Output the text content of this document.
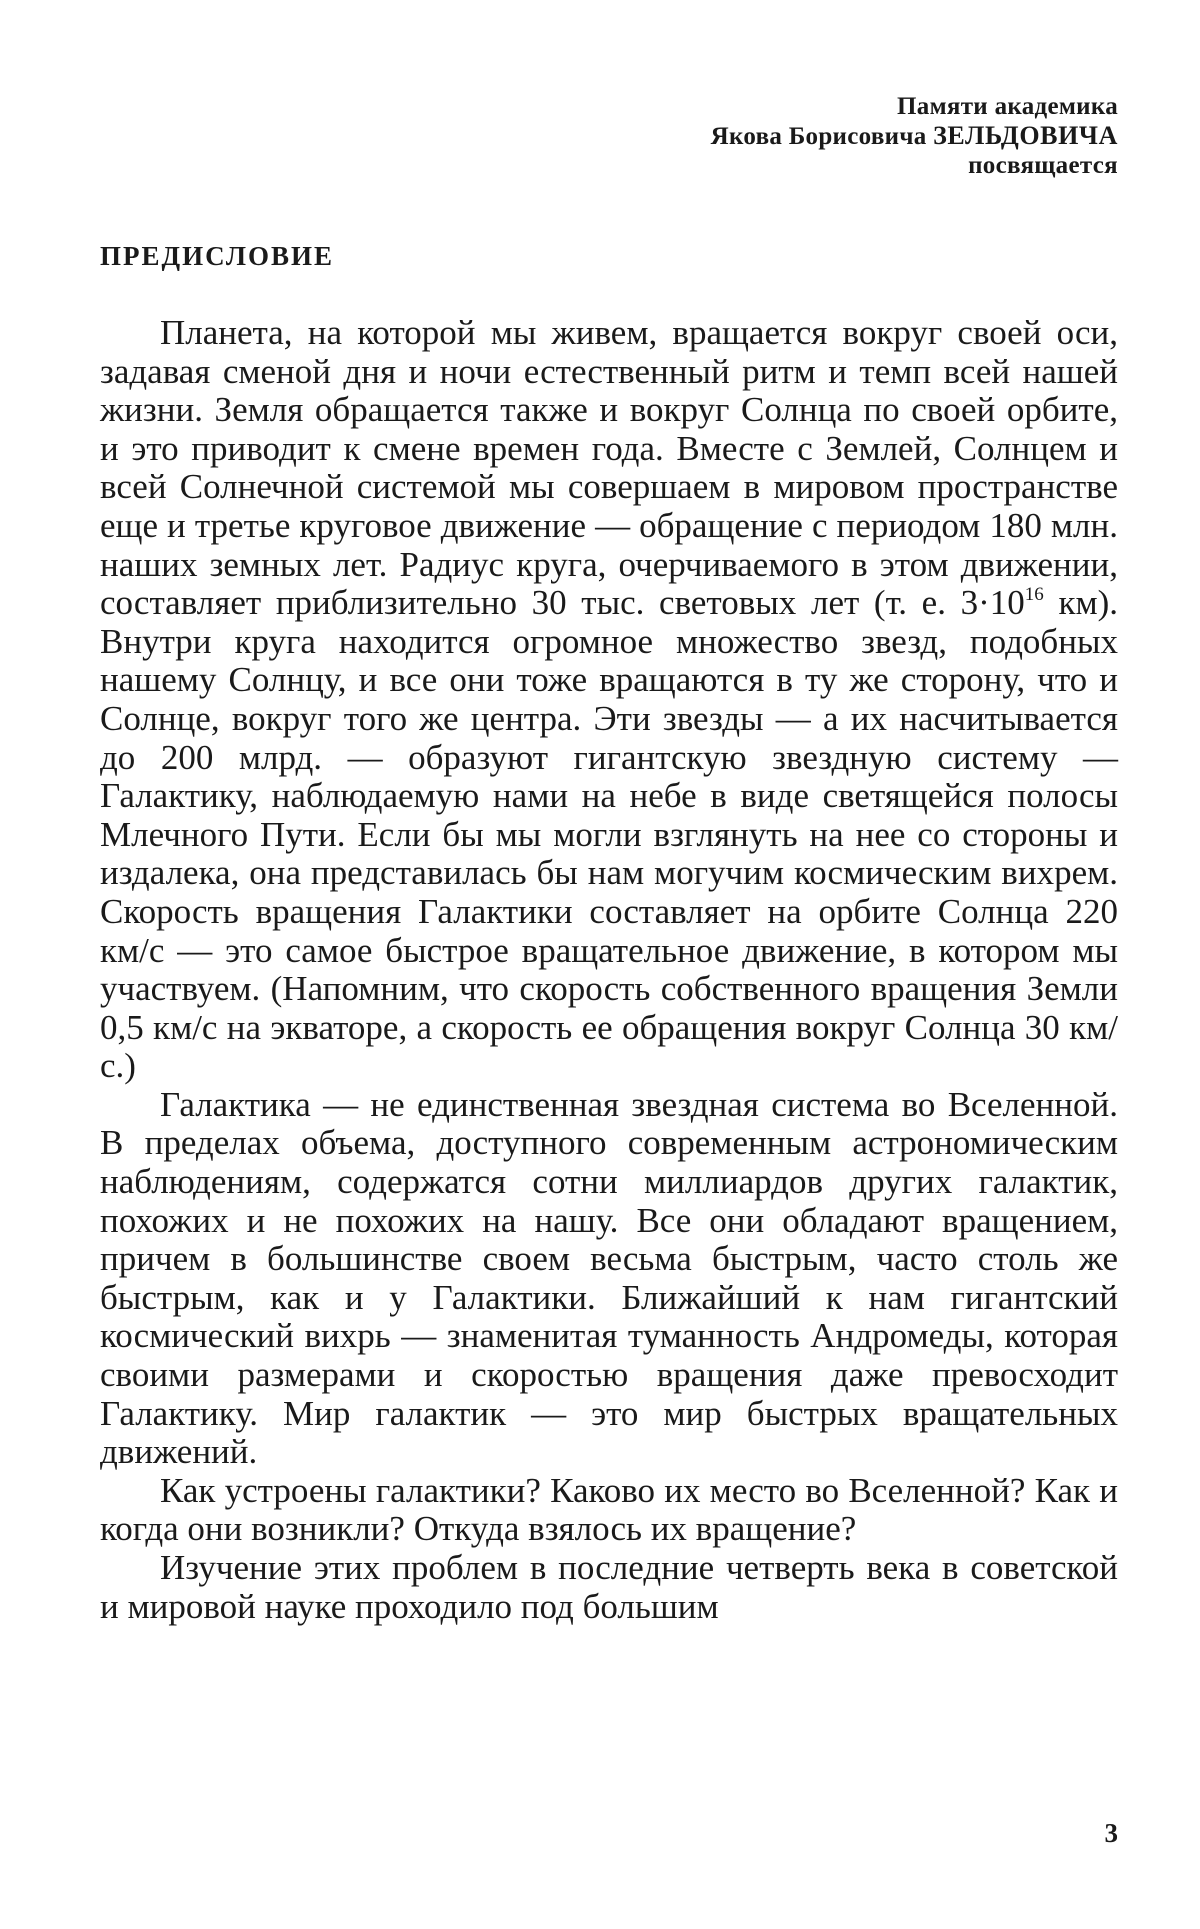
Памяти академика
Якова Борисовича ЗЕЛЬДОВИЧА
посвящается
ПРЕДИСЛОВИЕ

Планета, на которой мы живем, вращается вокруг своей оси, задавая сменой дня и ночи естественный ритм и темп всей нашей жизни. Земля обращается также и вокруг Солнца по своей орбите, и это приводит к смене времен года. Вместе с Землей, Солнцем и всей Солнечной системой мы совершаем в мировом пространстве еще и третье круговое движение — обращение с периодом 180 млн. наших земных лет. Радиус круга, очерчиваемого в этом движении, составляет приблизительно 30 тыс. световых лет (т. е. $3\cdot 10^{16}$ км). Внутри круга находится огромное множество звезд, подобных нашему Солнцу, и все они тоже вращаются в ту же сторону, что и Солнце, вокруг того же центра. Эти звезды — а их насчитывается до 200 млрд. — образуют гигантскую звездную систему — Галактику, наблюдаемую нами на небе в виде светящейся полосы Млечного Пути. Если бы мы могли взглянуть на нее со стороны и издалека, она представилась бы нам могучим космическим вихрем. Скорость вращения Галактики составляет на орбите Солнца 220 км/с — это самое быстрое вращательное движение, в котором мы участвуем. (Напомним, что скорость собственного вращения Земли 0,5 км/с на экваторе, а скорость ее обращения вокруг Солнца 30 км/с.)

Галактика — не единственная звездная система во Вселенной. В пределах объема, доступного современным астрономическим наблюдениям, содержатся сотни миллиардов других галактик, похожих и не похожих на нашу. Все они обладают вращением, причем в большинстве своем весьма быстрым, часто столь же быстрым, как и у Галактики. Ближайший к нам гигантский космический вихрь — знаменитая туманность Андромеды, которая своими размерами и скоростью вращения даже превосходит Галактику. Мир галактик — это мир быстрых вращательных движений.

Как устроены галактики? Каково их место во Вселенной? Как и когда они возникли? Откуда взялось их вращение?

Изучение этих проблем в последние четверть века в советской и мировой науке проходило под большим

3
